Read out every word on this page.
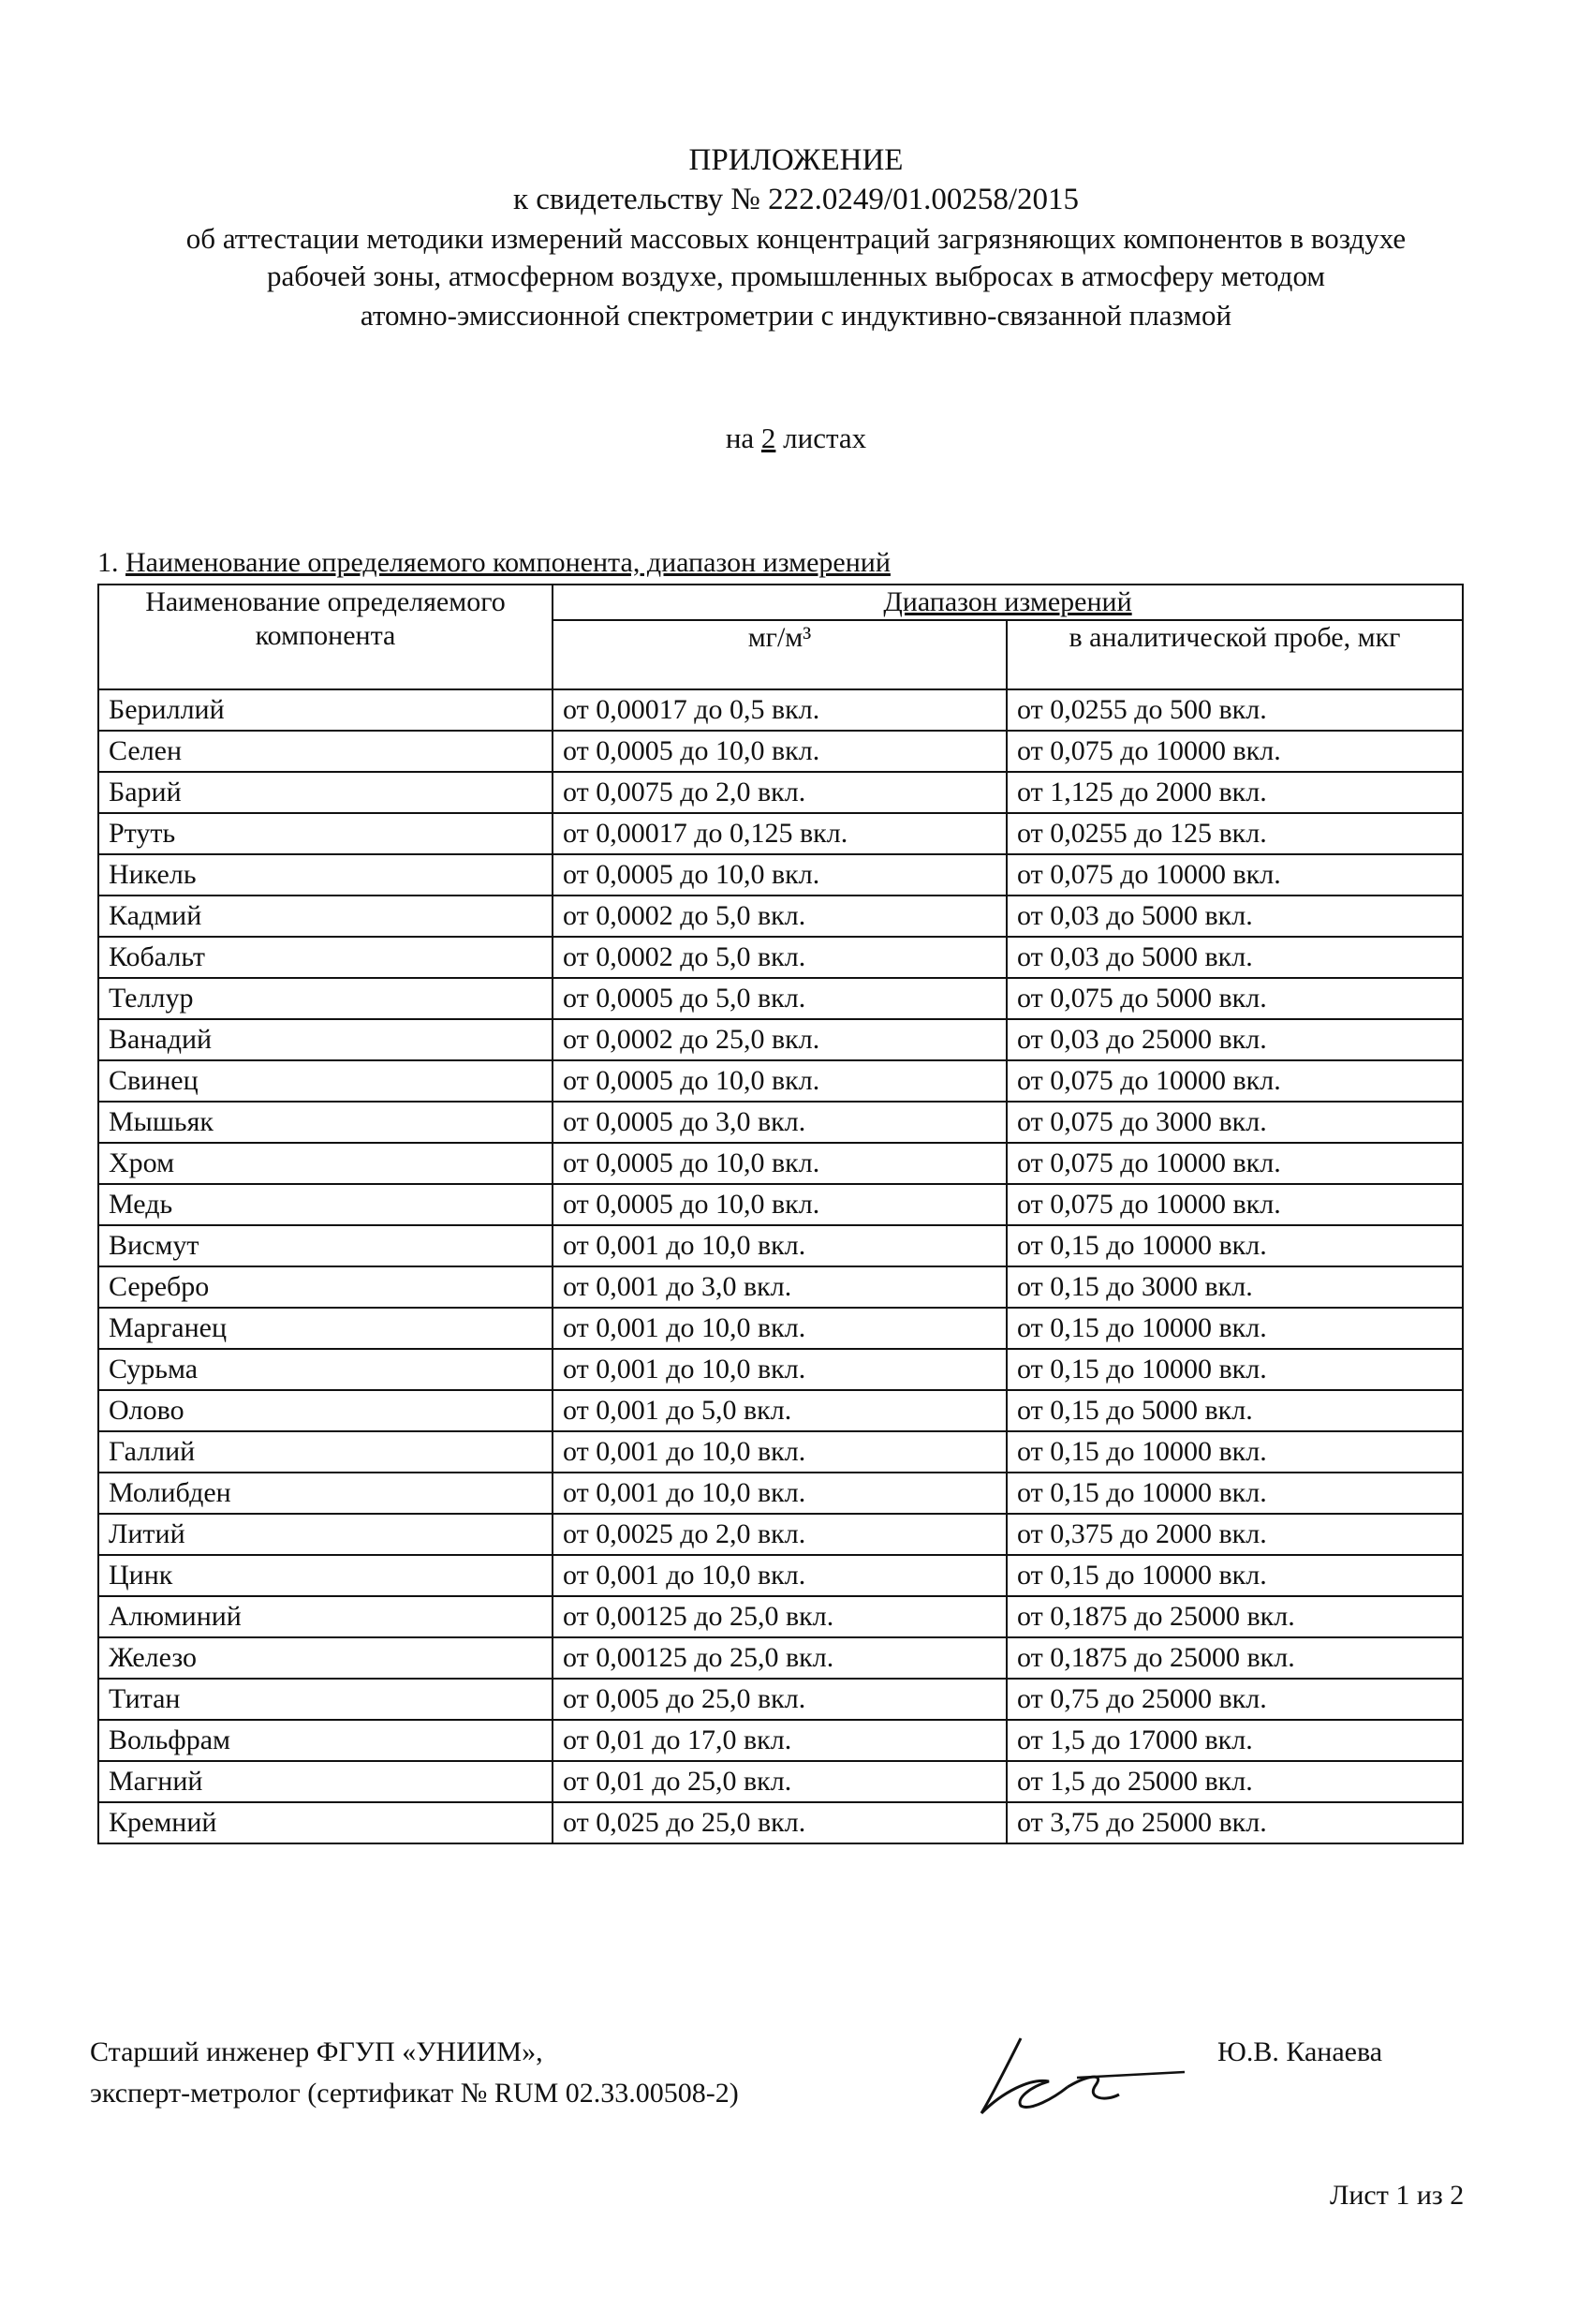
ПРИЛОЖЕНИЕ
к свидетельству № 222.0249/01.00258/2015
об аттестации методики измерений массовых концентраций загрязняющих компонентов в воздухе
рабочей зоны, атмосферном воздухе, промышленных выбросах в атмосферу методом
атомно-эмиссионной спектрометрии с индуктивно-связанной плазмой
на 2 листах
1. Наименование определяемого компонента, диапазон измерений
Наименование определяемого компонента	Диапазон измерений	
	мг/м³	в аналитической пробе, мкг
Бериллий	от 0,00017 до 0,5 вкл.	от 0,0255 до 500 вкл.
Селен	от 0,0005 до 10,0 вкл.	от 0,075 до 10000 вкл.
Барий	от 0,0075 до 2,0 вкл.	от 1,125 до 2000 вкл.
Ртуть	от 0,00017 до 0,125 вкл.	от 0,0255 до 125 вкл.
Никель	от 0,0005 до 10,0 вкл.	от 0,075 до 10000 вкл.
Кадмий	от 0,0002 до 5,0 вкл.	от 0,03 до 5000 вкл.
Кобальт	от 0,0002 до 5,0 вкл.	от 0,03 до 5000 вкл.
Теллур	от 0,0005 до 5,0 вкл.	от 0,075 до 5000 вкл.
Ванадий	от 0,0002 до 25,0 вкл.	от 0,03 до 25000 вкл.
Свинец	от 0,0005 до 10,0 вкл.	от 0,075 до 10000 вкл.
Мышьяк	от 0,0005 до 3,0 вкл.	от 0,075 до 3000 вкл.
Хром	от 0,0005 до 10,0 вкл.	от 0,075 до 10000 вкл.
Медь	от 0,0005 до 10,0 вкл.	от 0,075 до 10000 вкл.
Висмут	от 0,001 до 10,0 вкл.	от 0,15 до 10000 вкл.
Серебро	от 0,001 до 3,0 вкл.	от 0,15 до 3000 вкл.
Марганец	от 0,001 до 10,0 вкл.	от 0,15 до 10000 вкл.
Сурьма	от 0,001 до 10,0 вкл.	от 0,15 до 10000 вкл.
Олово	от 0,001 до 5,0 вкл.	от 0,15 до 5000 вкл.
Галлий	от 0,001 до 10,0 вкл.	от 0,15 до 10000 вкл.
Молибден	от 0,001 до 10,0 вкл.	от 0,15 до 10000 вкл.
Литий	от 0,0025 до 2,0 вкл.	от 0,375 до 2000 вкл.
Цинк	от 0,001 до 10,0 вкл.	от 0,15 до 10000 вкл.
Алюминий	от 0,00125 до 25,0 вкл.	от 0,1875 до 25000 вкл.
Железо	от 0,00125 до 25,0 вкл.	от 0,1875 до 25000 вкл.
Титан	от 0,005 до 25,0 вкл.	от 0,75 до 25000 вкл.
Вольфрам	от 0,01 до 17,0 вкл.	от 1,5 до 17000 вкл.
Магний	от 0,01 до 25,0 вкл.	от 1,5 до 25000 вкл.
Кремний	от 0,025 до 25,0 вкл.	от 3,75 до 25000 вкл.
Старший инженер ФГУП «УНИИМ»,
эксперт-метролог (сертификат № RUM 02.33.00508-2)
Ю.В. Канаева
Лист 1 из 2
